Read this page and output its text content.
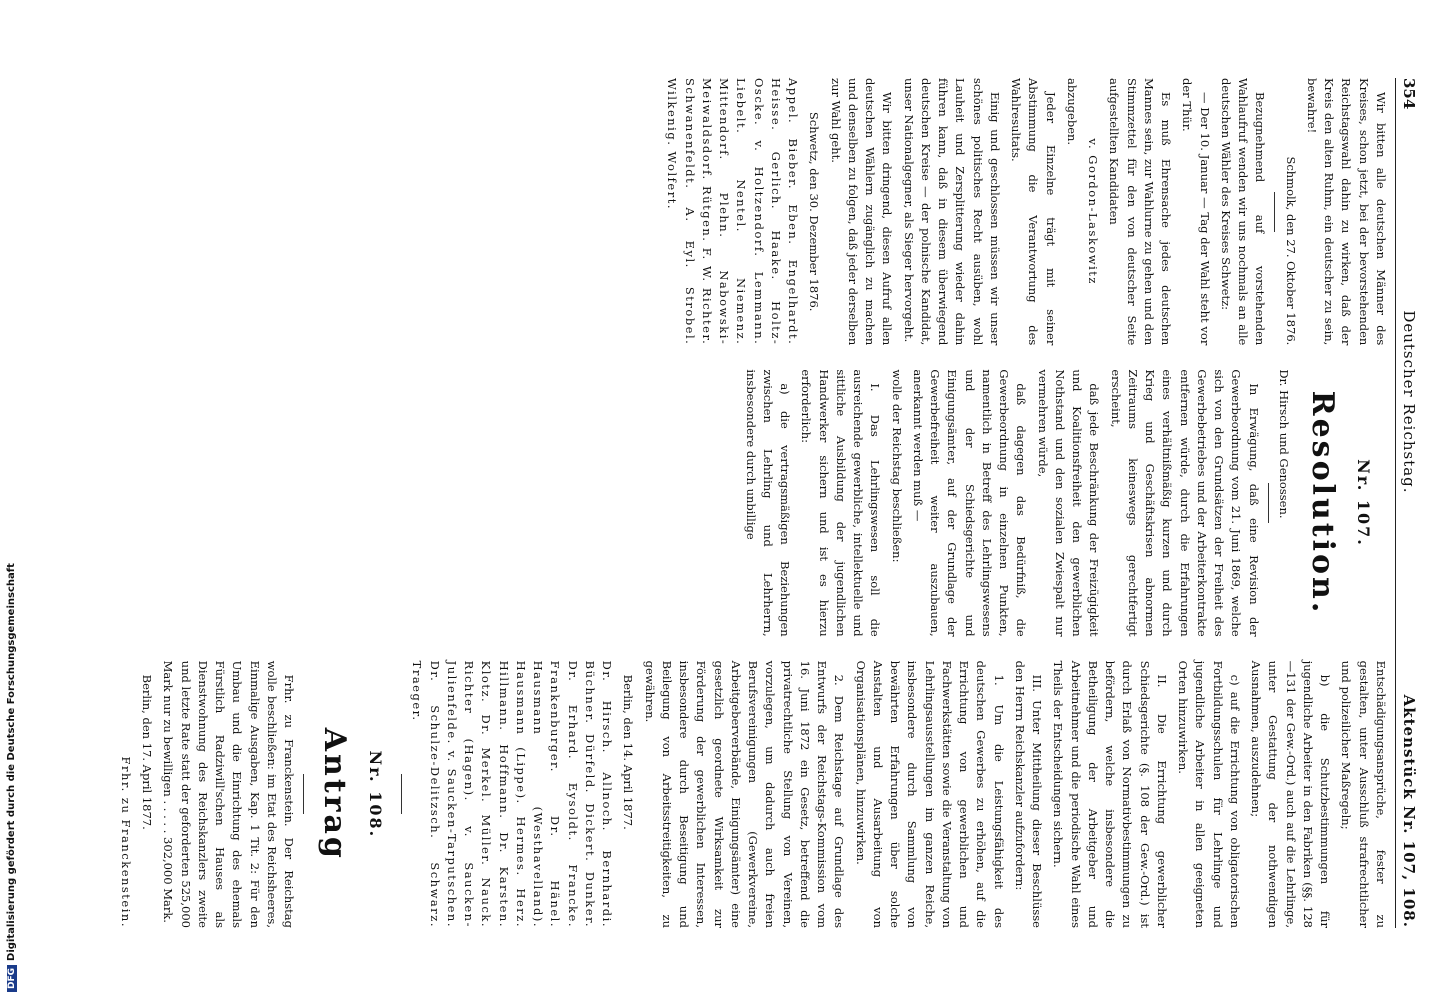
354
Deutscher Reichstag.
Aktenstück Nr. 107, 108.

Wir bitten alle deutschen Männer des Kreises, schon jetzt, bei der bevorstehenden Reichstagswahl dahin zu wirken, daß der Kreis den alten Ruhm, ein deutscher zu sein, bewahre!

Schmolk, den 27. Oktober 1876.

Bezugnehmend auf vorstehenden Wahlaufruf wenden wir uns nochmals an alle deutschen Wähler des Kreises Schwetz:

— Der 10. Januar — Tag der Wahl steht vor der Thür.

Es muß Ehrensache jedes deutschen Mannes sein, zur Wahlurne zu gehen und den Stimmzettel für den von deutscher Seite aufgestellten Kandidaten

v. Gordon-Laskowitz

abzugeben.

Jeder Einzelne trägt mit seiner Abstimmung die Verantwortung des Wahlresultats.

Einig und geschlossen müssen wir unser schönes politisches Recht ausüben, wohl Lauheit und Zersplitterung wieder dahin führen kann, daß in diesem überwiegend deutschen Kreise — der polnische Kandidat, unser Nationalgegner, als Sieger hervorgeht.

Wir bitten dringend, diesen Aufruf allen deutschen Wählern zugänglich zu machen und denselben zu folgen, daß jeder derselben zur Wahl geht.

Schwetz, den 30. Dezember 1876.

Appel. Bieber. Eben. Engelhardt. Heisse. Gerlich. Haake. Holtz-Oscke. v. Holtzendorf. Lemmann. Liebelt. Nentel. Niemenz. Mittendorf. Plehn. Nabowski-Meiwaldsdorf. Rütgen. F. W. Richter. Schwanenfeldt. A. Eyl. Strobel. Wilkenig. Wolfert.

Nr. 107.
Resolution.

Dr. Hirsch und Genossen.

In Erwägung, daß eine Revision der Gewerbeordnung vom 21. Juni 1869, welche sich von den Grundsätzen der Freiheit des Gewerbebetriebes und der Arbeiterkontrakte entfernen würde, durch die Erfahrungen eines verhältnißmäßig kurzen und durch Krieg und Geschäftskrisen abnormen Zeitraums keineswegs gerechtfertigt erscheint,

daß jede Beschränkung der Freizügigkeit und Koalitionsfreiheit den gewerblichen Nothstand und den sozialen Zwiespalt nur vermehren würde,

daß dagegen das Bedürfniß, die Gewerbeordnung in einzelnen Punkten, namentlich in Betreff des Lehrlingswesens und der Schiedsgerichte und Einigungsämter, auf der Grundlage der Gewerbefreiheit weiter auszubauen, anerkannt werden muß —

wolle der Reichstag beschließen:

I. Das Lehrlingswesen soll die ausreichende gewerbliche, intellektuelle und sittliche Ausbildung der jugendlichen Handwerker sichern und ist es hierzu erforderlich:

a) die vertragsmäßigen Beziehungen zwischen Lehrling und Lehrherrn, insbesondere durch unbillige

Entschädigungsansprüche, fester zu gestalten, unter Ausschluß strafrechtlicher und polizeilicher Maßregeln;

b) die Schutzbestimmungen für jugendliche Arbeiter in den Fabriken (§§. 128—131 der Gew.-Ord.) auch auf die Lehrlinge, unter Gestattung der nothwendigen Ausnahmen, auszudehnen;

c) auf die Errichtung von obligatorischen Fortbildungsschulen für Lehrlinge und jugendliche Arbeiter in allen geeigneten Orten hinzuwirken.

II. Die Errichtung gewerblicher Schiedsgerichte (§. 108 der Gew.-Ord.) ist durch Erlaß von Normativbestimmungen zu befördern, welche insbesondere die Betheiligung der Arbeitgeber und Arbeitnehmer und die periodische Wahl eines Theils der Entscheidungen sichern.

III. Unter Mittheilung dieser Beschlüsse den Herrn Reichskanzler aufzufordern:

1. Um die Leistungsfähigkeit des deutschen Gewerbes zu erhöhen, auf die Errichtung von gewerblichen und Fachwerkstätten sowie die Veranstaltung von Lehrlingsausstellungen im ganzen Reiche, insbesondere durch Sammlung von bewährten Erfahrungen über solche Anstalten und Ausarbeitung von Organisationsplänen, hinzuwirken.

2. Dem Reichstage auf Grundlage des Entwurfs der Reichstags-Kommission vom 16. Juni 1872 ein Gesetz, betreffend die privatrechtliche Stellung von Vereinen, vorzulegen, um dadurch auch freien Berufsvereinigungen (Gewerkvereine, Arbeitgeberverbände, Einigungsämter) eine gesetzlich geordnete Wirksamkeit zur Förderung der gewerblichen Interessen, insbesondere durch Beseitigung und Beilegung von Arbeitsstreitigkeiten, zu gewähren.

Berlin, den 14. April 1877.

Dr. Hirsch. Allnoch. Bernhardi. Büchner. Dürfeld. Dickert. Dunker. Dr. Erhard. Eysoldt. Francke. Frankenburger. Dr. Hänel. Hausmann (Westhavelland). Hausmann (Lippe). Hermes. Herz. Hillmann. Hoffmann. Dr. Karsten. Klotz. Dr. Merkel. Müller. Nauck. Richter (Hagen). v. Saucken-Julienfelde. v. Saucken-Tarputschen. Dr. Schulze-Delitzsch. Schwarz. Traeger.

Nr. 108.
Antrag

Frhr. zu Franckenstein. Der Reichstag wolle beschließen: im Etat des Reichsheeres, Einmalige Ausgaben, Kap. 1 Tit. 2: Für den Umbau und die Einrichtung des ehemals Fürstlich Radziwill'schen Hauses als Dienstwohnung des Reichskanzlers zweite und letzte Rate statt der geforderten 525,000 Mark nur zu bewilligen . . . . . 302,000 Mark.

Berlin, den 17. April 1877.

Frhr. zu Franckenstein.

DFGDigitalisierung gefördert durch die Deutsche Forschungsgemeinschaft
